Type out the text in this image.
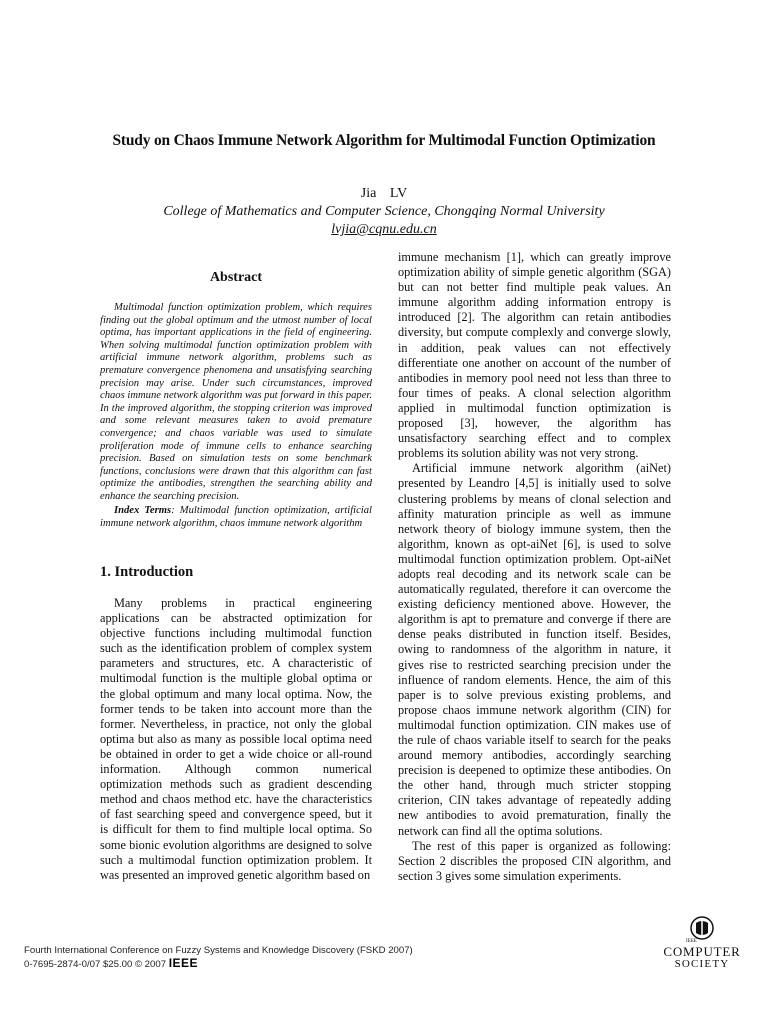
Study on Chaos Immune Network Algorithm for Multimodal Function Optimization
Jia LV
College of Mathematics and Computer Science, Chongqing Normal University
lvjia@cqnu.edu.cn
Abstract
Multimodal function optimization problem, which requires finding out the global optimum and the utmost number of local optima, has important applications in the field of engineering. When solving multimodal function optimization problem with artificial immune network algorithm, problems such as premature convergence phenomena and unsatisfying searching precision may arise. Under such circumstances, improved chaos immune network algorithm was put forward in this paper. In the improved algorithm, the stopping criterion was improved and some relevant measures taken to avoid premature convergence; and chaos variable was used to simulate proliferation mode of immune cells to enhance searching precision. Based on simulation tests on some benchmark functions, conclusions were drawn that this algorithm can fast optimize the antibodies, strengthen the searching ability and enhance the searching precision.
Index Terms: Multimodal function optimization, artificial immune network algorithm, chaos immune network algorithm
1. Introduction
Many problems in practical engineering applications can be abstracted optimization for objective functions including multimodal function such as the identification problem of complex system parameters and structures, etc. A characteristic of multimodal function is the multiple global optima or the global optimum and many local optima. Now, the former tends to be taken into account more than the former. Nevertheless, in practice, not only the global optima but also as many as possible local optima need be obtained in order to get a wide choice or all-round information. Although common numerical optimization methods such as gradient descending method and chaos method etc. have the characteristics of fast searching speed and convergence speed, but it is difficult for them to find multiple local optima. So some bionic evolution algorithms are designed to solve such a multimodal function optimization problem. It was presented an improved genetic algorithm based on

immune mechanism [1], which can greatly improve optimization ability of simple genetic algorithm (SGA) but can not better find multiple peak values. An immune algorithm adding information entropy is introduced [2]. The algorithm can retain antibodies diversity, but compute complexly and converge slowly, in addition, peak values can not effectively differentiate one another on account of the number of antibodies in memory pool need not less than three to four times of peaks. A clonal selection algorithm applied in multimodal function optimization is proposed [3], however, the algorithm has unsatisfactory searching effect and to complex problems its solution ability was not very strong.

Artificial immune network algorithm (aiNet) presented by Leandro [4,5] is initially used to solve clustering problems by means of clonal selection and affinity maturation principle as well as immune network theory of biology immune system, then the algorithm, known as opt-aiNet [6], is used to solve multimodal function optimization problem. Opt-aiNet adopts real decoding and its network scale can be automatically regulated, therefore it can overcome the existing deficiency mentioned above. However, the algorithm is apt to premature and converge if there are dense peaks distributed in function itself. Besides, owing to randomness of the algorithm in nature, it gives rise to restricted searching precision under the influence of random elements. Hence, the aim of this paper is to solve previous existing problems, and propose chaos immune network algorithm (CIN) for multimodal function optimization. CIN makes use of the rule of chaos variable itself to search for the peaks around memory antibodies, accordingly searching precision is deepened to optimize these antibodies. On the other hand, through much stricter stopping criterion, CIN takes advantage of repeatedly adding new antibodies to avoid prematuration, finally the network can find all the optima solutions.

The rest of this paper is organized as following: Section 2 discribles the proposed CIN algorithm, and section 3 gives some simulation experiments.

Fourth International Conference on Fuzzy Systems and Knowledge Discovery (FSKD 2007)
0-7695-2874-0/07 $25.00 © 2007 IEEE
IEEE
COMPUTER
SOCIETY
